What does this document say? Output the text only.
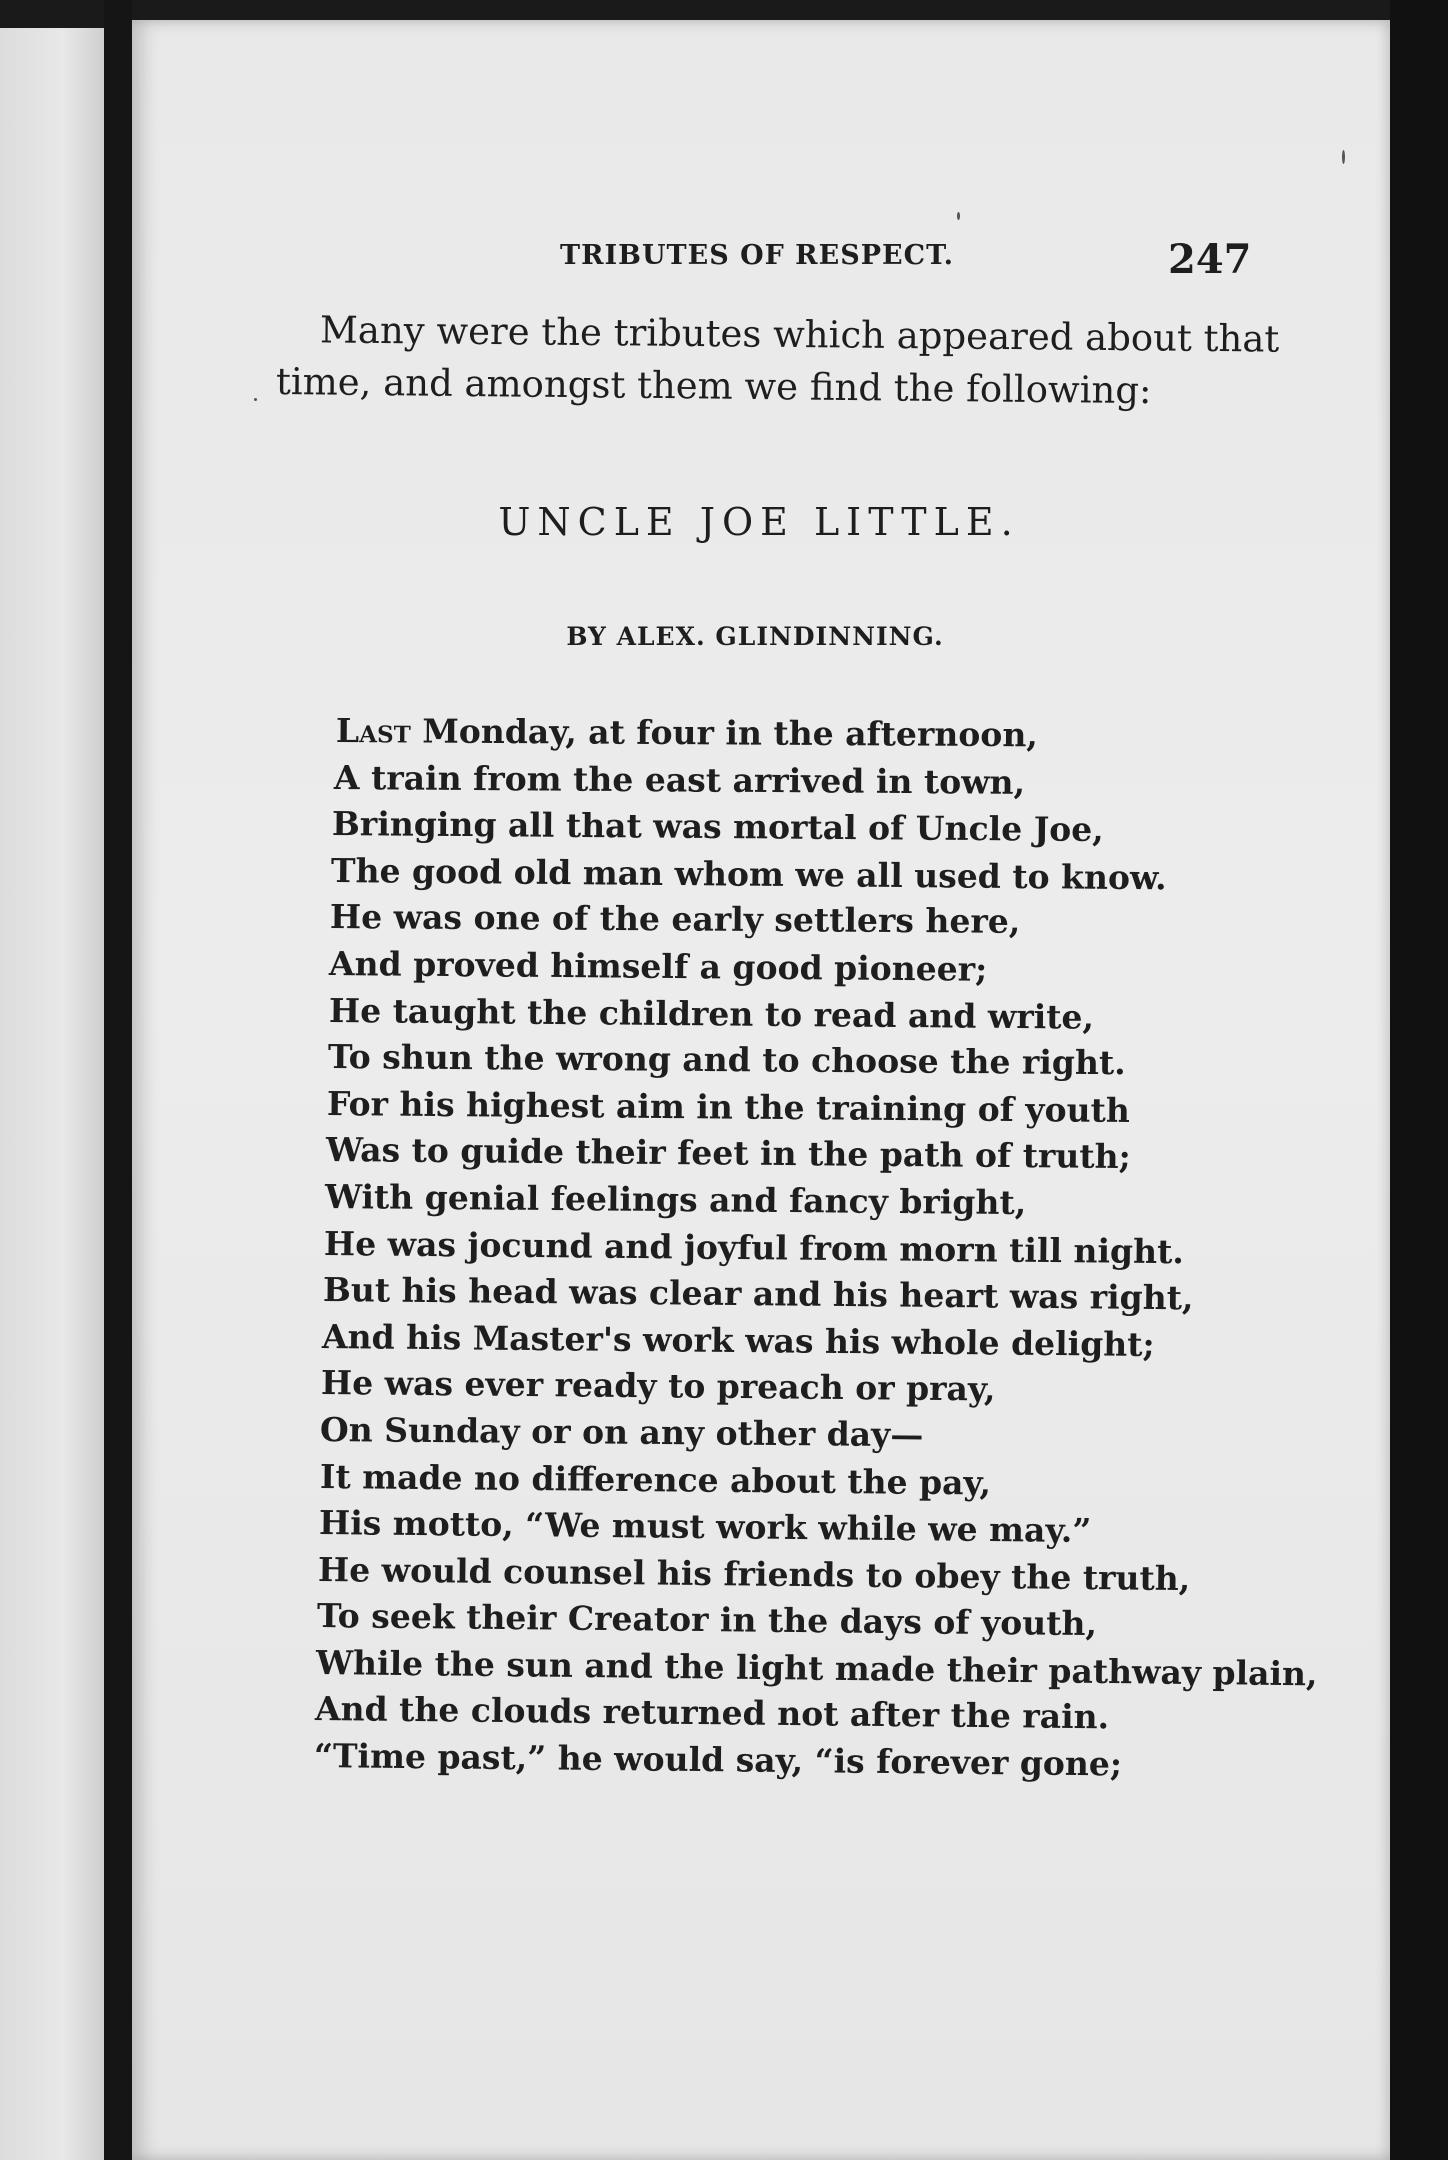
TRIBUTES OF RESPECT.	247
Many were the tributes which appeared about that
time, and amongst them we find the following:
UNCLE JOE LITTLE.
BY ALEX. GLINDINNING.
Last Monday, at four in the afternoon,
A train from the east arrived in town,
Bringing all that was mortal of Uncle Joe,
The good old man whom we all used to know.
He was one of the early settlers here,
And proved himself a good pioneer;
He taught the children to read and write,
To shun the wrong and to choose the right.
For his highest aim in the training of youth
Was to guide their feet in the path of truth;
With genial feelings and fancy bright,
He was jocund and joyful from morn till night.
But his head was clear and his heart was right,
And his Master's work was his whole delight;
He was ever ready to preach or pray,
On Sunday or on any other day—
It made no difference about the pay,
His motto, “We must work while we may.”
He would counsel his friends to obey the truth,
To seek their Creator in the days of youth,
While the sun and the light made their pathway plain,
And the clouds returned not after the rain.
“Time past,” he would say, “is forever gone;
